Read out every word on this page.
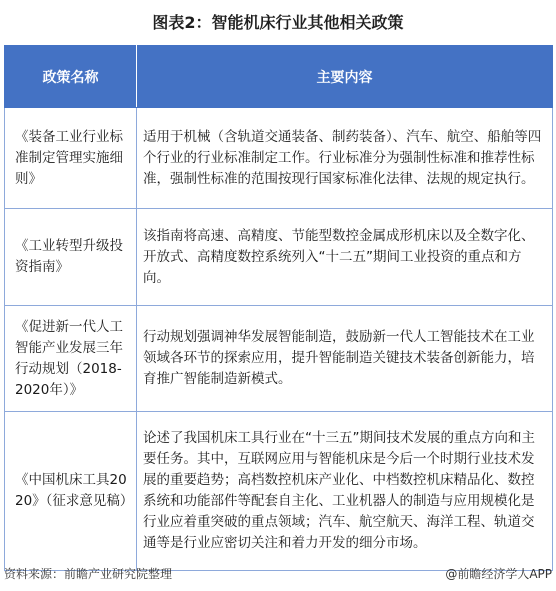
图表2：智能机床行业其他相关政策
政策名称	主要内容
《装备工业行业标准制定管理实施细则》	适用于机械（含轨道交通装备、制药装备）、汽车、航空、船舶等四个行业的行业标准制定工作。行业标准分为强制性标准和推荐性标准，强制性标准的范围按现行国家标准化法律、法规的规定执行。
《工业转型升级投资指南》	该指南将高速、高精度、节能型数控金属成形机床以及全数字化、开放式、高精度数控系统列入“十二五”期间工业投资的重点和方向。
《促进新一代人工智能产业发展三年行动规划（2018-2020年）》	行动规划强调神华发展智能制造，鼓励新一代人工智能技术在工业领域各环节的探索应用，提升智能制造关键技术装备创新能力，培育推广智能制造新模式。
《中国机床工具2020》（征求意见稿）	论述了我国机床工具行业在“十三五”期间技术发展的重点方向和主要任务。其中，互联网应用与智能机床是今后一个时期行业技术发展的重要趋势；高档数控机床产业化、中档数控机床精品化、数控系统和功能部件等配套自主化、工业机器人的制造与应用规模化是行业应着重突破的重点领域；汽车、航空航天、海洋工程、轨道交通等是行业应密切关注和着力开发的细分市场。
资料来源：前瞻产业研究院整理	@前瞻经济学人APP
